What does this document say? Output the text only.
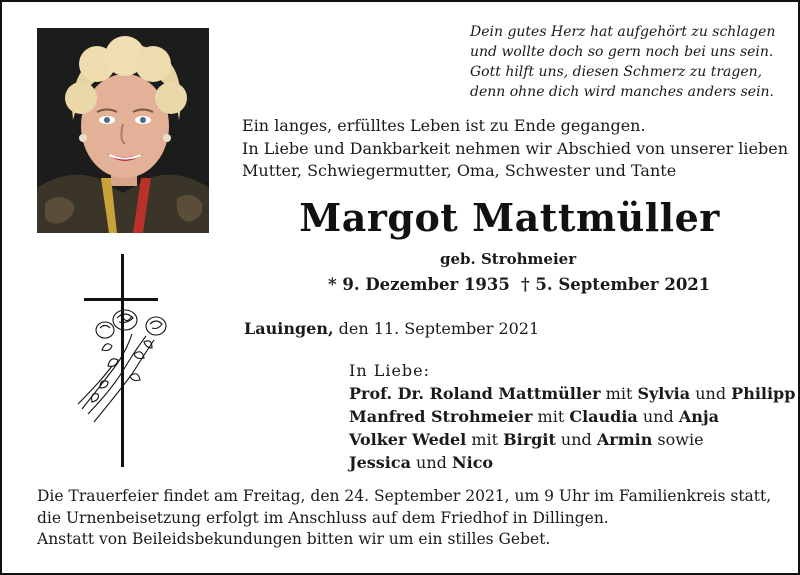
Dein gutes Herz hat aufgehört zu schlagen
und wollte doch so gern noch bei uns sein.
Gott hilft uns, diesen Schmerz zu tragen,
denn ohne dich wird manches anders sein.
Ein langes, erfülltes Leben ist zu Ende gegangen.
In Liebe und Dankbarkeit nehmen wir Abschied von unserer lieben
Mutter, Schwiegermutter, Oma, Schwester und Tante
Margot Mattmüller
geb. Strohmeier
* 9. Dezember 1935 † 5. September 2021
Lauingen, den 11. September 2021
In Liebe:
Prof. Dr. Roland Mattmüller mit Sylvia und Philipp
Manfred Strohmeier mit Claudia und Anja
Volker Wedel mit Birgit und Armin sowie
Jessica und Nico
Die Trauerfeier findet am Freitag, den 24. September 2021, um 9 Uhr im Familienkreis statt,
die Urnenbeisetzung erfolgt im Anschluss auf dem Friedhof in Dillingen.
Anstatt von Beileidsbekundungen bitten wir um ein stilles Gebet.
